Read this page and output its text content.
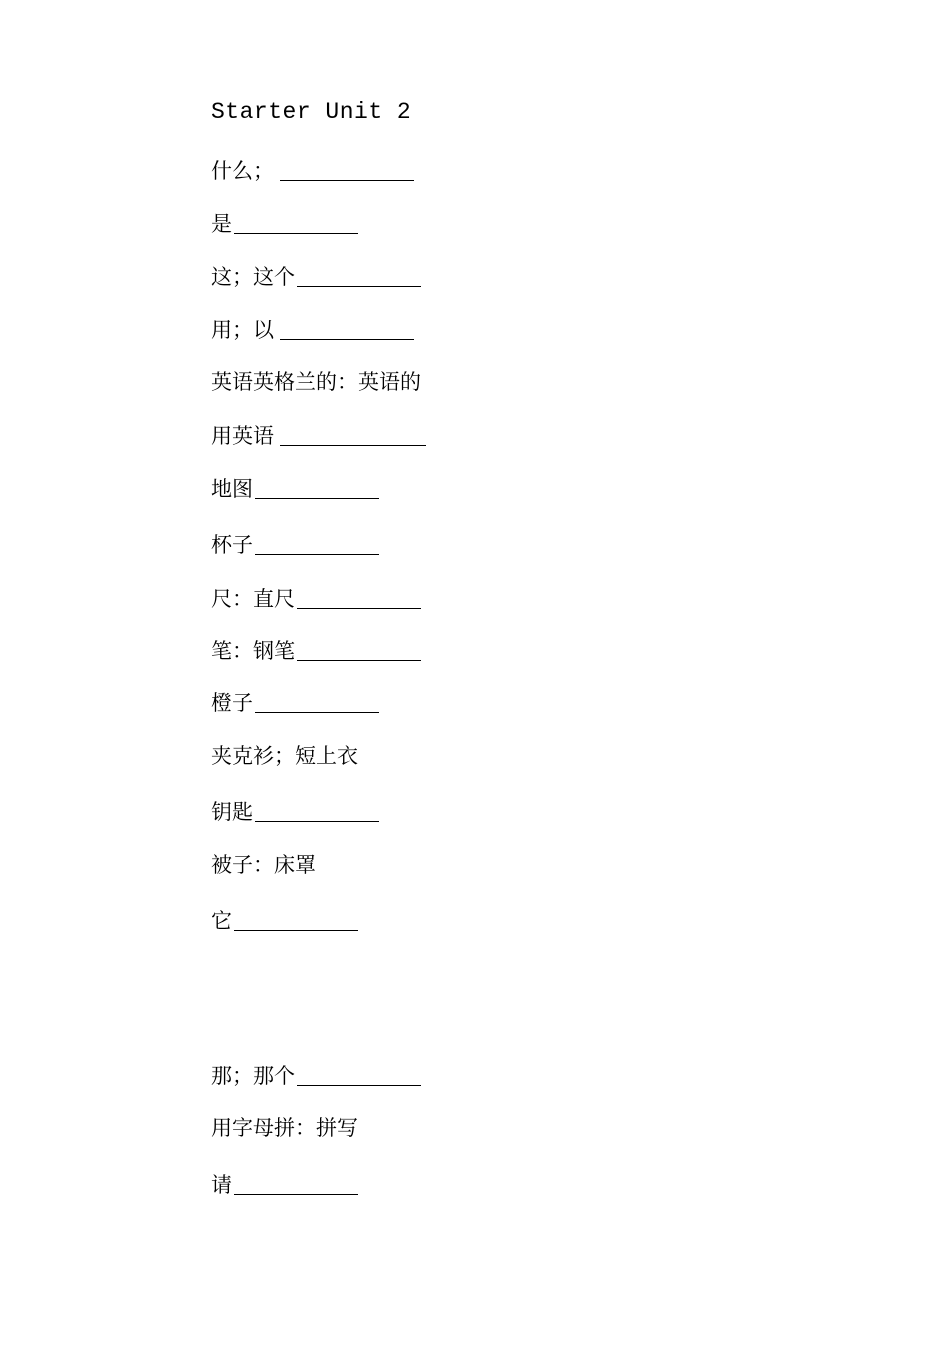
Starter Unit 2
什么；
是
这；这个
用；以
英语英格兰的：英语的
用英语
地图
杯子
尺：直尺
笔：钢笔
橙子
夹克衫；短上衣
钥匙
被子：床罩
它
那；那个
用字母拼：拼写
请
